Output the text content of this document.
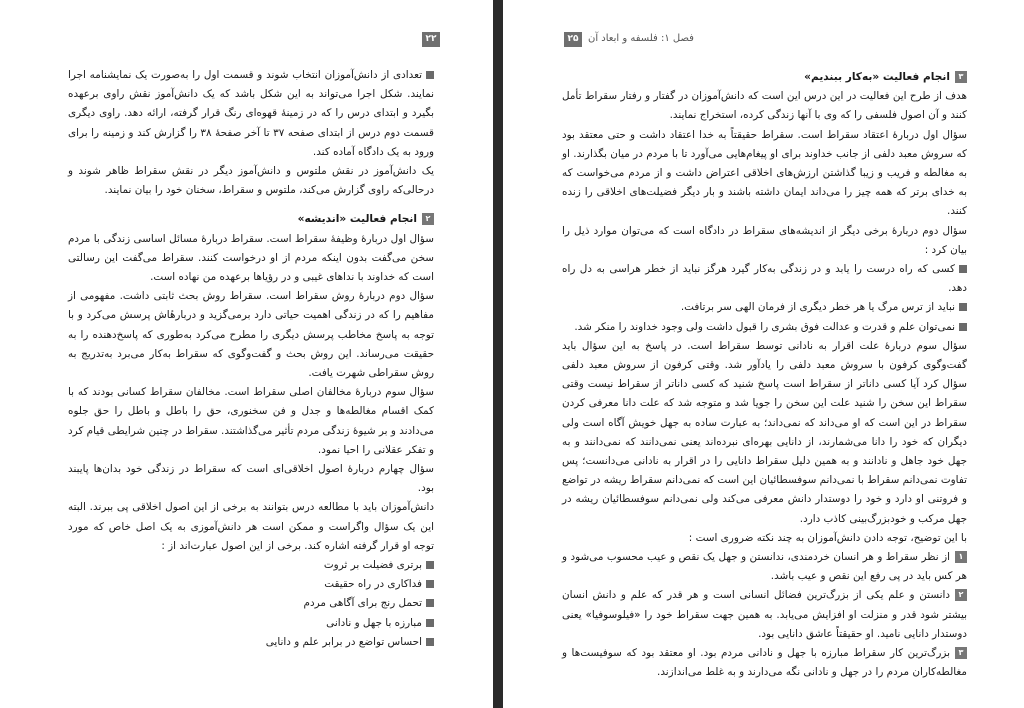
۲۲

تعدادی از دانش‌آموزان انتخاب شوند و قسمت اول را به‌صورت یک نمایشنامه اجرا نمایند. شکل اجرا می‌تواند به این شکل باشد که یک دانش‌آموز نقش راوی برعهده بگیرد و ابتدای درس را که در زمینهٔ قهوه‌ای رنگ قرار گرفته، ارائه دهد. راوی دیگری قسمت دوم درس از ابتدای صفحه ۳۷ تا آخر صفحهٔ ۳۸ را گزارش کند و زمینه را برای ورود به یک دادگاه آماده کند.

یک دانش‌آموز در نقش ملتوس و دانش‌آموز دیگر در نقش سقراط ظاهر شوند و درحالی‌که راوی گزارش می‌کند، ملتوس و سقراط، سخنان خود را بیان نمایند.

۲انجام فعالیت «اندیشه»

سؤال اول دربارهٔ وظیفهٔ سقراط است. سقراط دربارهٔ مسائل اساسی زندگی با مردم سخن می‌گفت بدون اینکه مردم از او درخواست کنند. سقراط می‌گفت این رسالتی است که خداوند با نداهای غیبی و در رؤیاها برعهده من نهاده است.

سؤال دوم دربارهٔ روش سقراط است. سقراط روش بحث ثابتی داشت. مفهومی از مفاهیم را که در زندگی اهمیت حیاتی دارد برمی‌گزید و دربارهٔاش پرسش می‌کرد و با توجه به پاسخ مخاطب پرسش دیگری را مطرح می‌کرد به‌طوری که پاسخ‌دهنده را به حقیقت می‌رساند. این روش بحث و گفت‌وگوی که سقراط به‌کار می‌برد به‌تدریج به روش سقراطی شهرت یافت.

سؤال سوم دربارهٔ مخالفان اصلی سقراط است. مخالفان سقراط کسانی بودند که با کمک اقسام مغالطه‌ها و جدل و فن سخنوری، حق را باطل و باطل را حق جلوه می‌دادند و بر شیوهٔ زندگی مردم تأثیر می‌گذاشتند. سقراط در چنین شرایطی قیام کرد و تفکر عقلانی را احیا نمود.

سؤال چهارم دربارهٔ اصول اخلاقی‌ای است که سقراط در زندگی خود بدان‌ها پایبند بود.

دانش‌آموزان باید با مطالعه درس بتوانند به برخی از این اصول اخلاقی پی ببرند. البته این یک سؤال واگراست و ممکن است هر دانش‌آموزی به یک اصل خاص که مورد توجه او قرار گرفته اشاره کند. برخی از این اصول عبارت‌اند از :

برتری فضیلت بر ثروت
فداکاری در راه حقیقت
تحمل رنج برای آگاهی مردم
مبارزه با جهل و نادانی
احساس تواضع در برابر علم و دانایی
فصل ۱: فلسفه و ابعاد آن
۲۵
۳انجام فعالیت «به‌کار ببندیم»

هدف از طرح این فعالیت در این درس این است که دانش‌آموزان در گفتار و رفتار سقراط تأمل کنند و آن اصول فلسفی را که وی با آنها زندگی کرده، استخراج نمایند.

سؤال اول دربارهٔ اعتقاد سقراط است. سقراط حقیقتاً به خدا اعتقاد داشت و حتی معتقد بود که سروش معبد دلفی از جانب خداوند برای او پیغام‌هایی می‌آورد تا با مردم در میان بگذارند. او به مغالطه و فریب و زیبا گذاشتن ارزش‌های اخلاقی اعتراض داشت و از مردم می‌خواست که به خدای برتر که همه چیز را می‌داند ایمان داشته باشند و بار دیگر فضیلت‌های اخلاقی را زنده کنند.

سؤال دوم دربارهٔ برخی دیگر از اندیشه‌های سقراط در دادگاه است که می‌توان موارد ذیل را بیان کرد :

کسی که راه درست را یابد و در زندگی به‌کار گیرد هرگز نباید از خطر هراسی به دل راه دهد.
نباید از ترس مرگ یا هر خطر دیگری از فرمان الهی سر برتافت.
نمی‌توان علم و قدرت و عدالت فوق بشری را قبول داشت ولی وجود خداوند را منکر شد.

سؤال سوم دربارهٔ علت اقرار به نادانی توسط سقراط است. در پاسخ به این سؤال باید گفت‌وگوی کرفون با سروش معبد دلفی را یادآور شد. وقتی کرفون از سروش معبد دلفی سؤال کرد آیا کسی داناتر از سقراط است پاسخ شنید که کسی داناتر از سقراط نیست وقتی سقراط این سخن را شنید علت این سخن را جویا شد و متوجه شد که علت دانا معرفی کردن سقراط در این است که او می‌داند که نمی‌داند؛ به عبارت ساده به جهل خویش آگاه است ولی دیگران که خود را دانا می‌شمارند، از دانایی بهره‌ای نبرده‌اند یعنی نمی‌دانند که نمی‌دانند و به جهل خود جاهل و نادانند و به همین دلیل سقراط دانایی را در اقرار به نادانی می‌دانست؛ پس تفاوت نمی‌دانم سقراط با نمی‌دانم سوفسطائیان این است که نمی‌دانم سقراط ریشه در تواضع و فروتنی او دارد و خود را دوستدار دانش معرفی می‌کند ولی نمی‌دانم سوفسطائیان ریشه در جهل مرکب و خودبزرگ‌بینی کاذب دارد.

با این توضیح، توجه دادن دانش‌آموزان به چند نکته ضروری است :

۱از نظر سقراط و هر انسان خردمندی، ندانستن و جهل یک نقص و عیب محسوب می‌شود و هر کس باید در پی رفع این نقص و عیب باشد.
۲دانستن و علم یکی از بزرگ‌ترین فضائل انسانی است و هر قدر که علم و دانش انسان بیشتر شود قدر و منزلت او افزایش می‌یابد. به همین جهت سقراط خود را «فیلوسوفیا» یعنی دوستدار دانایی نامید. او حقیقتاً عاشق دانایی بود.
۳بزرگ‌ترین کار سقراط مبارزه با جهل و نادانی مردم بود. او معتقد بود که سوفیست‌ها و مغالطه‌کاران مردم را در جهل و نادانی نگه می‌دارند و به غلط می‌اندازند.
